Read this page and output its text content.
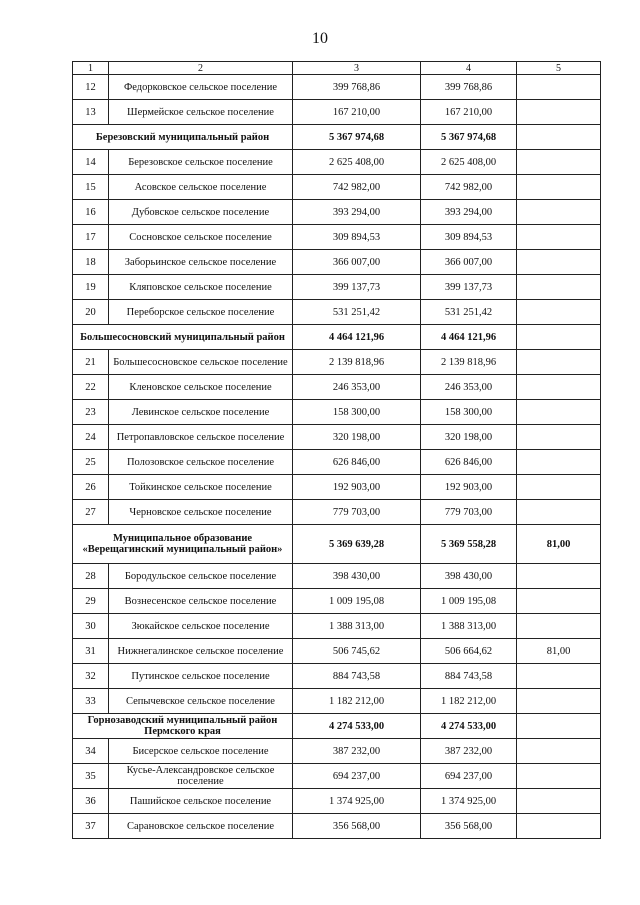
10
1	2	3	4	5
12	Федорковское сельское поселение	399 768,86	399 768,86	
13	Шермейское сельское поселение	167 210,00	167 210,00	
Березовский муниципальный район		5 367 974,68	5 367 974,68	
14	Березовское сельское поселение	2 625 408,00	2 625 408,00	
15	Асовское сельское поселение	742 982,00	742 982,00	
16	Дубовское сельское поселение	393 294,00	393 294,00	
17	Сосновское сельское поселение	309 894,53	309 894,53	
18	Заборьинское сельское поселение	366 007,00	366 007,00	
19	Кляповское сельское поселение	399 137,73	399 137,73	
20	Переборское сельское поселение	531 251,42	531 251,42	
Большесосновский муниципальный район		4 464 121,96	4 464 121,96	
21	Большесосновское сельское поселение	2 139 818,96	2 139 818,96	
22	Кленовское сельское поселение	246 353,00	246 353,00	
23	Левинское сельское поселение	158 300,00	158 300,00	
24	Петропавловское сельское поселение	320 198,00	320 198,00	
25	Полозовское сельское поселение	626 846,00	626 846,00	
26	Тойкинское сельское поселение	192 903,00	192 903,00	
27	Черновское сельское поселение	779 703,00	779 703,00	
Муниципальное образование «Верещагинский муниципальный район»		5 369 639,28	5 369 558,28	81,00
28	Бородульское сельское поселение	398 430,00	398 430,00	
29	Вознесенское сельское поселение	1 009 195,08	1 009 195,08	
30	Зюкайское сельское поселение	1 388 313,00	1 388 313,00	
31	Нижнегалинское сельское поселение	506 745,62	506 664,62	81,00
32	Путинское сельское поселение	884 743,58	884 743,58	
33	Сепычевское сельское поселение	1 182 212,00	1 182 212,00	
Горнозаводский муниципальный район Пермского края		4 274 533,00	4 274 533,00	
34	Бисерское сельское поселение	387 232,00	387 232,00	
35	Кусье-Александровское сельское поселение	694 237,00	694 237,00	
36	Пашийское сельское поселение	1 374 925,00	1 374 925,00	
37	Сарановское сельское поселение	356 568,00	356 568,00	
